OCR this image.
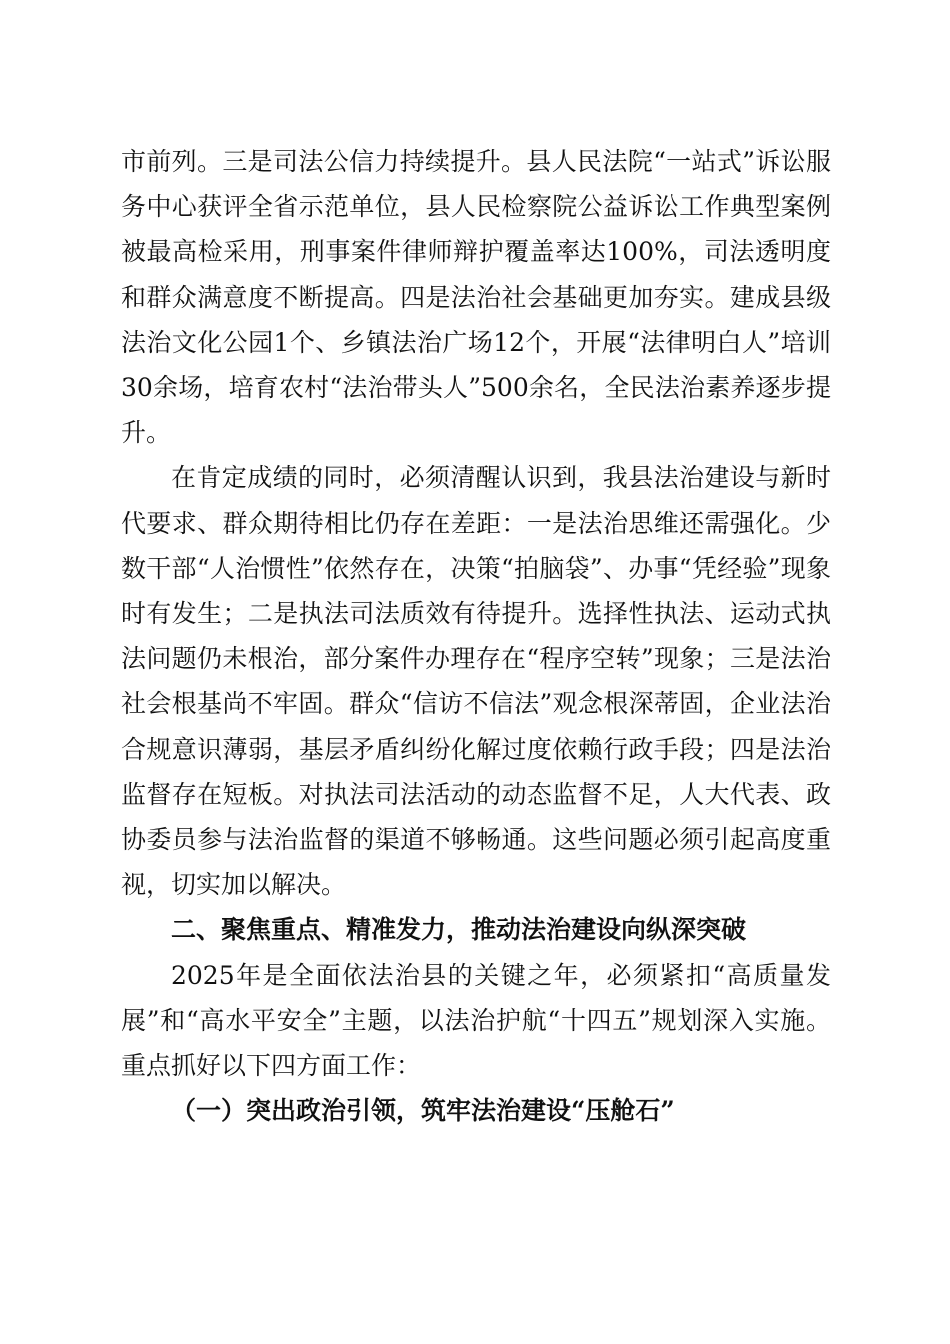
市前列。三是司法公信力持续提升。县人民法院“一站式”诉讼服务中心获评全省示范单位，县人民检察院公益诉讼工作典型案例被最高检采用，刑事案件律师辩护覆盖率达100%，司法透明度和群众满意度不断提高。四是法治社会基础更加夯实。建成县级法治文化公园1个、乡镇法治广场12个，开展“法律明白人”培训30余场，培育农村“法治带头人”500余名，全民法治素养逐步提升。

在肯定成绩的同时，必须清醒认识到，我县法治建设与新时代要求、群众期待相比仍存在差距：一是法治思维还需强化。少数干部“人治惯性”依然存在，决策“拍脑袋”、办事“凭经验”现象时有发生；二是执法司法质效有待提升。选择性执法、运动式执法问题仍未根治，部分案件办理存在“程序空转”现象；三是法治社会根基尚不牢固。群众“信访不信法”观念根深蒂固，企业法治合规意识薄弱，基层矛盾纠纷化解过度依赖行政手段；四是法治监督存在短板。对执法司法活动的动态监督不足，人大代表、政协委员参与法治监督的渠道不够畅通。这些问题必须引起高度重视，切实加以解决。

二、聚焦重点、精准发力，推动法治建设向纵深突破

2025年是全面依法治县的关键之年，必须紧扣“高质量发展”和“高水平安全”主题，以法治护航“十四五”规划深入实施。重点抓好以下四方面工作：

（一）突出政治引领，筑牢法治建设“压舱石”
